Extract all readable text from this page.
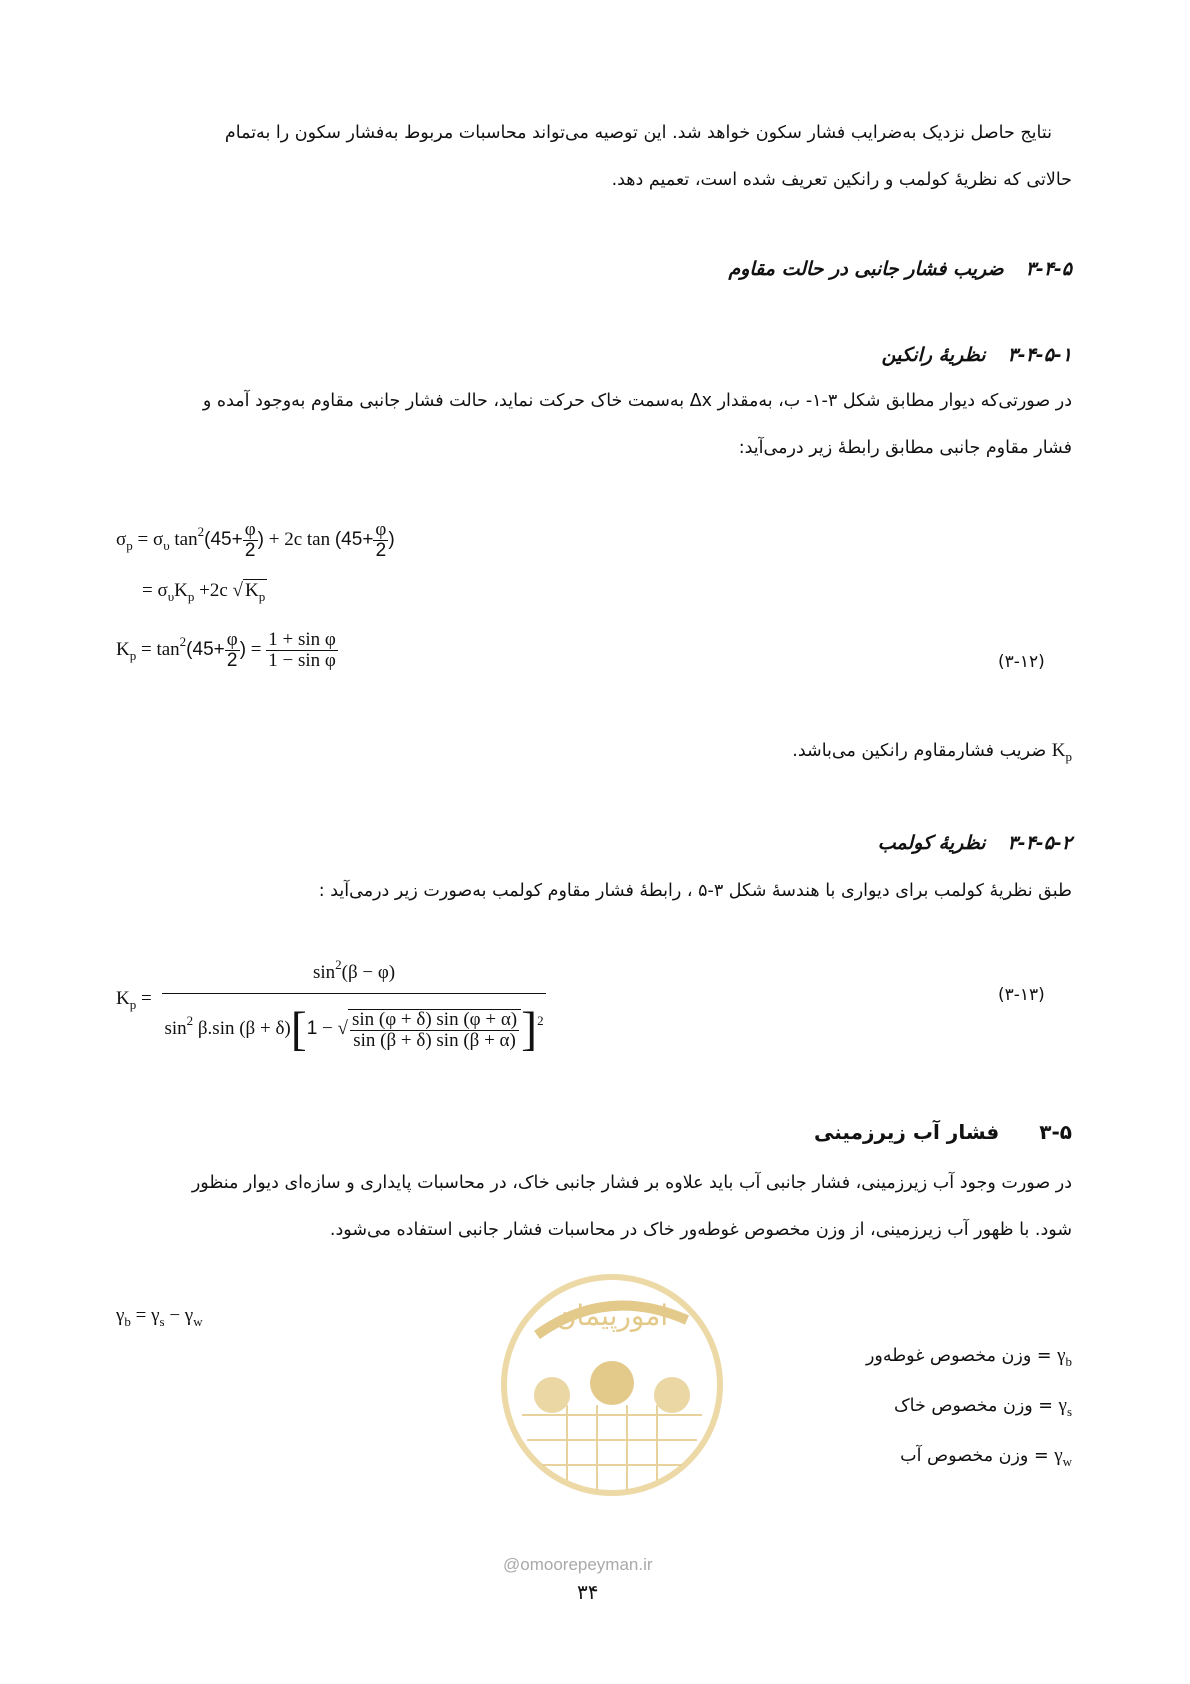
نتایج حاصل نزدیک به‌ضرایب فشار سکون خواهد شد. این توصیه می‌تواند محاسبات مربوط به‌فشار سکون را به‌تمام
حالاتی که نظریهٔ کولمب و رانکین تعریف شده است، تعمیم دهد.
۳-۴-۵ضریب فشار جانبی در حالت مقاوم
۳-۴-۵-۱نظریهٔ رانکین
در صورتی‌که دیوار مطابق شکل ۳-۱- ب، به‌مقدار Δx به‌سمت خاک حرکت نماید، حالت فشار جانبی مقاوم به‌وجود آمده و
فشار مقاوم جانبی مطابق رابطهٔ زیر درمی‌آید:
$\sigma_p = \sigma_\upsilon$ $\tan^2(45+ \frac{\varphi}{2}$ ) + 2c $\tan (45+ \frac{\varphi}{2}$ )
= $\sigma_\upsilon K_p +2c$ √ $K_p$
$K_p = \tan^2(45+ \frac{\varphi}{2}$ ) = $\frac{\text{1 + sin φ}}{\text{1 − sin φ}}$	(۳-۱۲)
$K_p$ ضریب فشارمقاوم رانکین می‌باشد.
۳-۴-۵-۲نظریهٔ کولمب
طبق نظریهٔ کولمب برای دیواری با هندسهٔ شکل ۳-۵ ، رابطهٔ فشار مقاوم کولمب به‌صورت زیر درمی‌آید :
$K_p$ =
$\sin^2(\beta - \varphi)$
$\sin^2 \beta.\sin$ (β + δ)[1 − √ $\frac{\sin (\varphi + \delta) \sin (\varphi + \alpha)}{\sin (\beta + \delta) \sin (\beta + \alpha)} ]^2$
(۳-۱۳)
۳-۵فشار آب زیرزمینی
در صورت وجود آب زیرزمینی، فشار جانبی آب باید علاوه بر فشار جانبی خاک، در محاسبات پایداری و سازه‌ای دیوار منظور
شود. با ظهور آب زیرزمینی، از وزن مخصوص غوطه‌ور خاک در محاسبات فشار جانبی استفاده می‌شود.
$\gamma_b = \gamma_s - \gamma_w$
$\gamma_b$ = وزن مخصوص غوطه‌ور
$\gamma_s$ = وزن مخصوص خاک
$\gamma_w$ = وزن مخصوص آب
امورپیمان
@omoorepeyman.ir
۳۴
